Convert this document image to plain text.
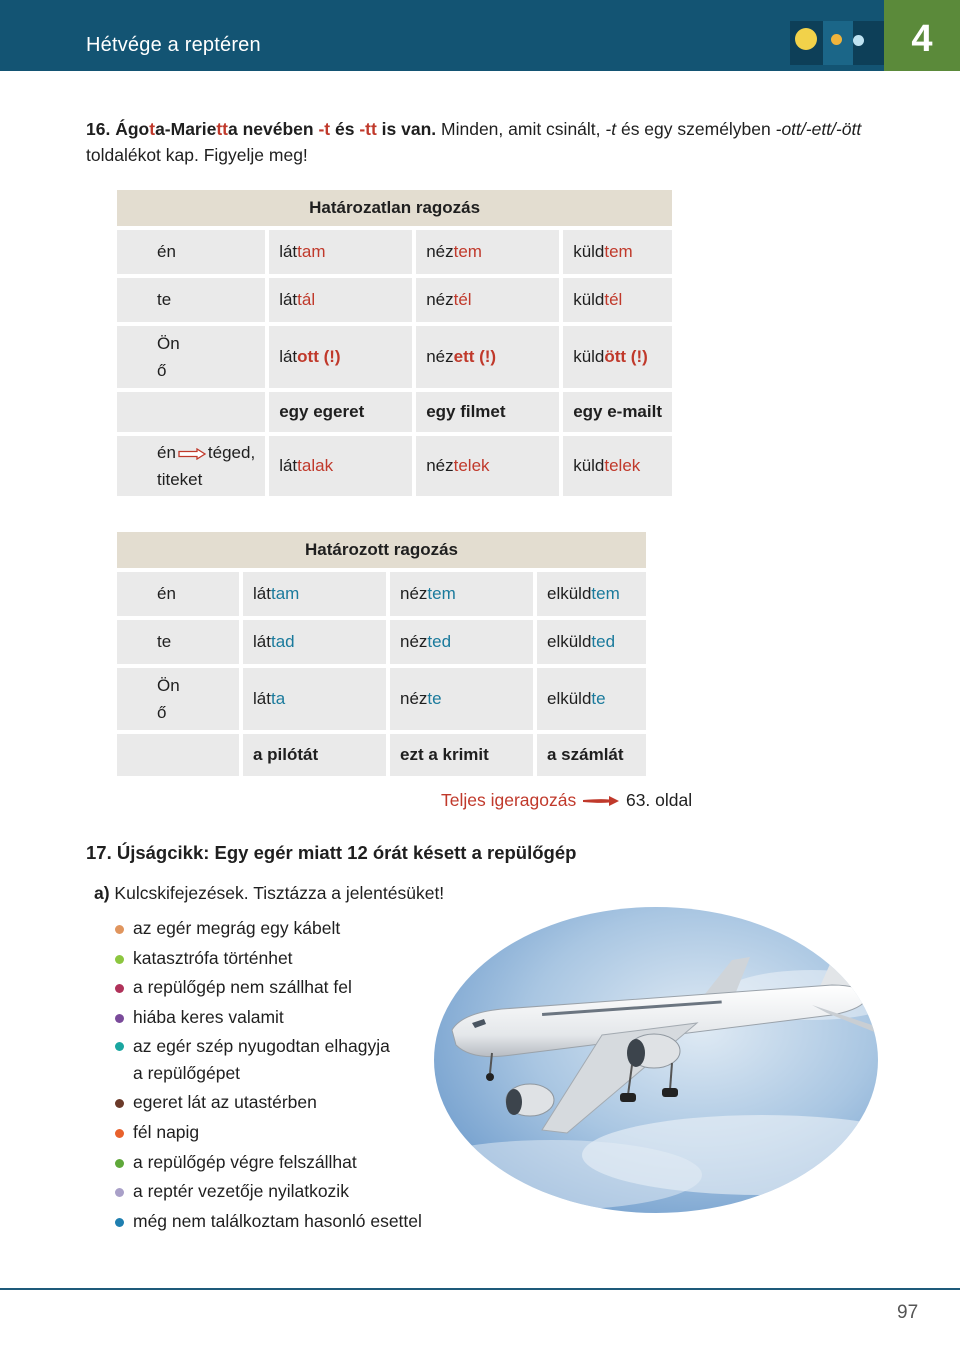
Hétvége a reptéren	4
16. Ágota-Marietta nevében -t és -tt is van. Minden, amit csinált, -t és egy személyben -ott/-ett/-ött toldalékot kap. Figyelje meg!
Határozatlan ragozás			
én	láttam	néztem	küldtem
te	láttál	néztél	küldtél
Ön
ő	látott (!)	nézett (!)	küldött (!)
	egy egeret	egy filmet	egy e-mailt
én téged,
titeket	láttalak	néztelek	küldtelek
Határozott ragozás			
én	láttam	néztem	elküldtem
te	láttad	nézted	elküldted
Ön
ő	látta	nézte	elküldte
	a pilótát	ezt a krimit	a számlát
Teljes igeragozás	63. oldal
17. Újságcikk: Egy egér miatt 12 órát késett a repülőgép
a) Kulcskifejezések. Tisztázza a jelentésüket!
az egér megrág egy kábelt
katasztrófa történhet
a repülőgép nem szállhat fel
hiába keres valamit
az egér szép nyugodtan elhagyja
a repülőgépet
egeret lát az utastérben
fél napig
a repülőgép végre felszállhat
a reptér vezetője nyilatkozik
még nem találkoztam hasonló esettel
97
